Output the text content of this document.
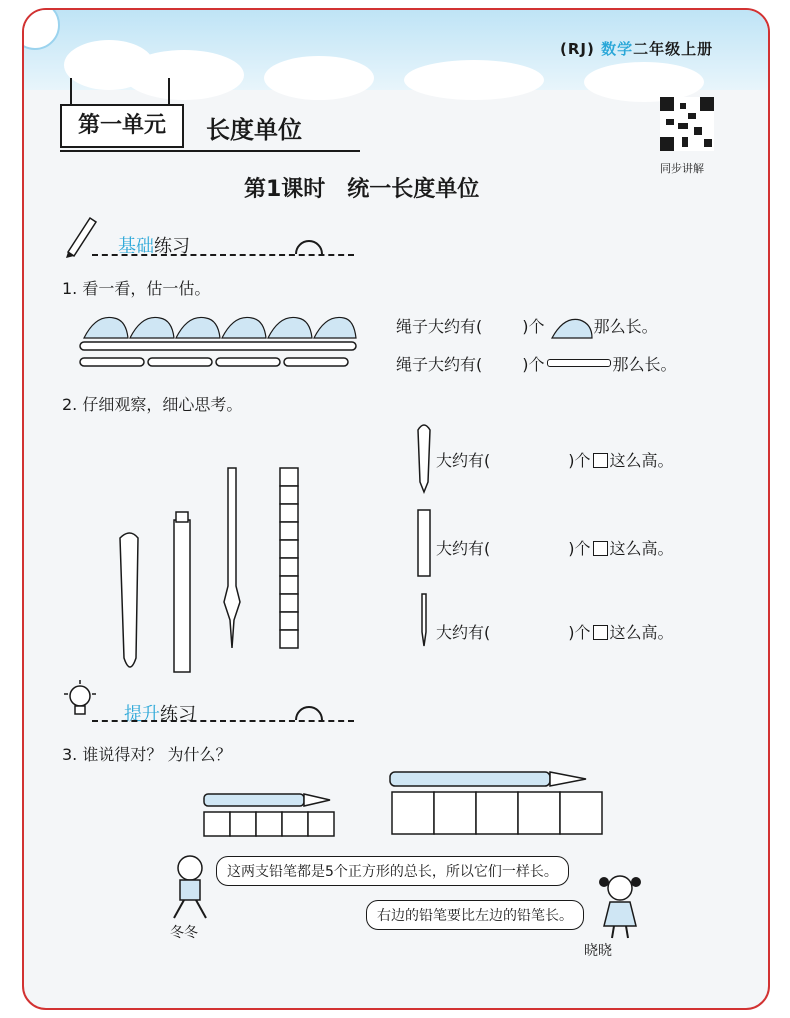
(RJ) 数学二年级上册
第一单元	长度单位
同步讲解
第1课时　统一长度单位
基础练习
1. 看一看，估一估。
绳子大约有(	)个	那么长。
绳子大约有(	)个	那么长。
2. 仔细观察，细心思考。
大约有(	)个 这么高。
大约有(	)个 这么高。
大约有(	)个 这么高。
提升练习
3. 谁说得对？ 为什么？
这两支铅笔都是5个正方形的总长，所以它们一样长。
右边的铅笔要比左边的铅笔长。
冬冬
晓晓
